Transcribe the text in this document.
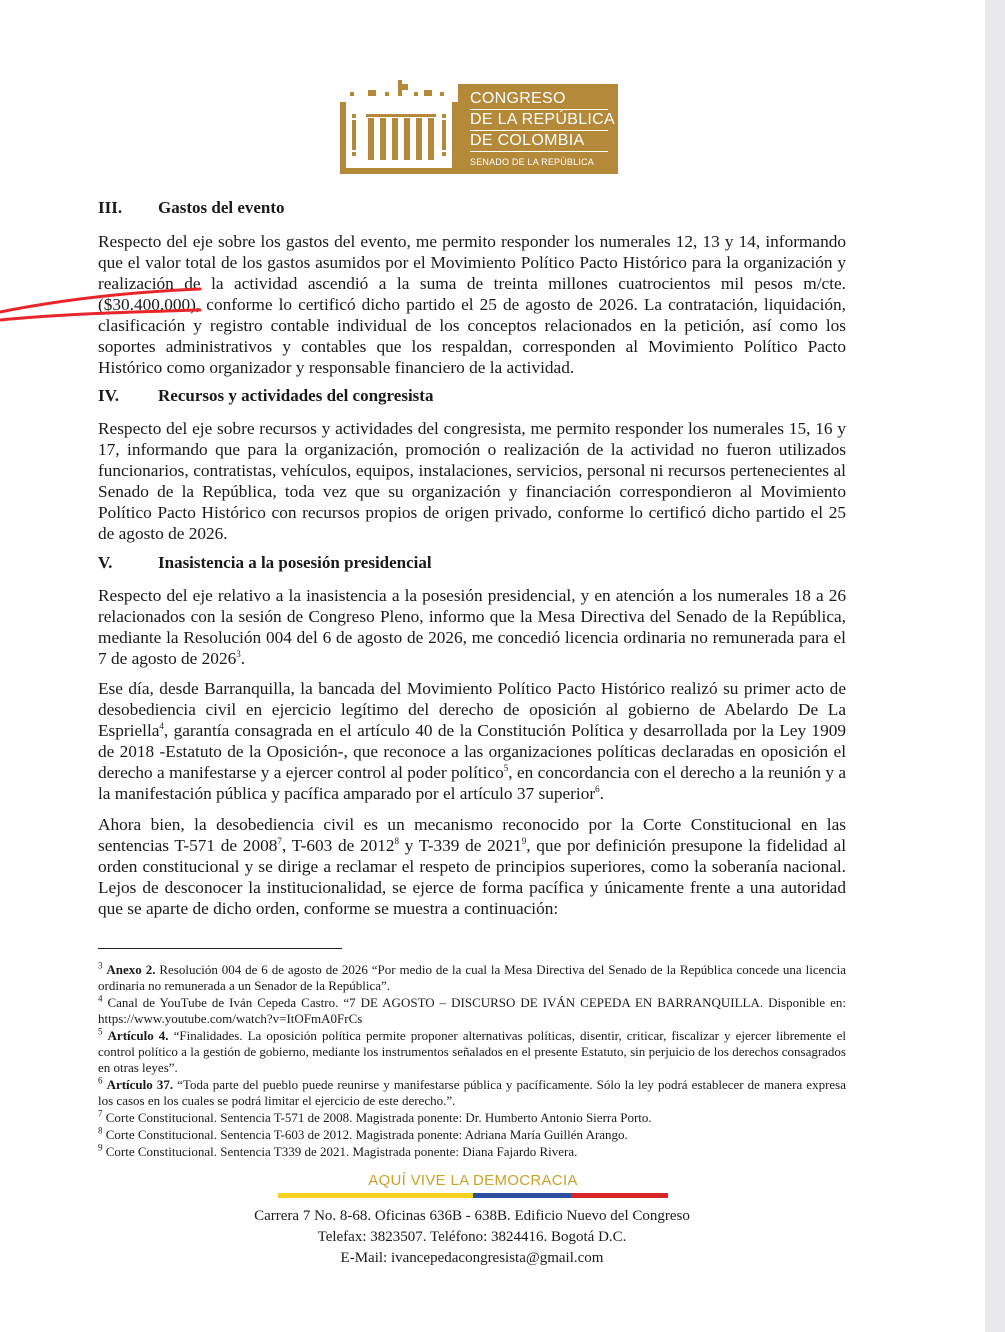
CONGRESO
DE LA REPÚBLICA
DE COLOMBIA
SENADO DE LA REPÚBLICA
III.	Gastos del evento

Respecto del eje sobre los gastos del evento, me permito responder los numerales 12, 13 y 14, informando que el valor total de los gastos asumidos por el Movimiento Político Pacto Histórico para la organización y realización de la actividad ascendió a la suma de treinta millones cuatrocientos mil pesos m/cte. ($30.400.000), conforme lo certificó dicho partido el 25 de agosto de 2026. La contratación, liquidación, clasificación y registro contable individual de los conceptos relacionados en la petición, así como los soportes administrativos y contables que los respaldan, corresponden al Movimiento Político Pacto Histórico como organizador y responsable financiero de la actividad.

IV.	Recursos y actividades del congresista

Respecto del eje sobre recursos y actividades del congresista, me permito responder los numerales 15, 16 y 17, informando que para la organización, promoción o realización de la actividad no fueron utilizados funcionarios, contratistas, vehículos, equipos, instalaciones, servicios, personal ni recursos pertenecientes al Senado de la República, toda vez que su organización y financiación correspondieron al Movimiento Político Pacto Histórico con recursos propios de origen privado, conforme lo certificó dicho partido el 25 de agosto de 2026.

V.	Inasistencia a la posesión presidencial

Respecto del eje relativo a la inasistencia a la posesión presidencial, y en atención a los numerales 18 a 26 relacionados con la sesión de Congreso Pleno, informo que la Mesa Directiva del Senado de la República, mediante la Resolución 004 del 6 de agosto de 2026, me concedió licencia ordinaria no remunerada para el 7 de agosto de 2026$^3$.

Ese día, desde Barranquilla, la bancada del Movimiento Político Pacto Histórico realizó su primer acto de desobediencia civil en ejercicio legítimo del derecho de oposición al gobierno de Abelardo De La Espriella$^4$, garantía consagrada en el artículo 40 de la Constitución Política y desarrollada por la Ley 1909 de 2018 -Estatuto de la Oposición-, que reconoce a las organizaciones políticas declaradas en oposición el derecho a manifestarse y a ejercer control al poder político$^5$, en concordancia con el derecho a la reunión y a la manifestación pública y pacífica amparado por el artículo 37 superior$^6$.

Ahora bien, la desobediencia civil es un mecanismo reconocido por la Corte Constitucional en las sentencias T-571 de 2008$^7$, T-603 de 2012$^8$ y T-339 de 2021$^9$, que por definición presupone la fidelidad al orden constitucional y se dirige a reclamar el respeto de principios superiores, como la soberanía nacional. Lejos de desconocer la institucionalidad, se ejerce de forma pacífica y únicamente frente a una autoridad que se aparte de dicho orden, conforme se muestra a continuación:

$^3$ Anexo 2. Resolución 004 de 6 de agosto de 2026 “Por medio de la cual la Mesa Directiva del Senado de la República concede una licencia ordinaria no remunerada a un Senador de la República”.

$^4$ Canal de YouTube de Iván Cepeda Castro. “7 DE AGOSTO – DISCURSO DE IVÁN CEPEDA EN BARRANQUILLA. Disponible en: https://www.youtube.com/watch?v=ItOFmA0FrCs

$^5$ Artículo 4. “Finalidades. La oposición política permite proponer alternativas políticas, disentir, criticar, fiscalizar y ejercer libremente el control político a la gestión de gobierno, mediante los instrumentos señalados en el presente Estatuto, sin perjuicio de los derechos consagrados en otras leyes”.

$^6$ Artículo 37. “Toda parte del pueblo puede reunirse y manifestarse pública y pacíficamente. Sólo la ley podrá establecer de manera expresa los casos en los cuales se podrá limitar el ejercicio de este derecho.”.

$^7$ Corte Constitucional. Sentencia T-571 de 2008. Magistrada ponente: Dr. Humberto Antonio Sierra Porto.

$^8$ Corte Constitucional. Sentencia T-603 de 2012. Magistrada ponente: Adriana María Guillén Arango.

$^9$ Corte Constitucional. Sentencia T339 de 2021. Magistrada ponente: Diana Fajardo Rivera.

AQUÍ VIVE LA DEMOCRACIA
Carrera 7 No. 8-68. Oficinas 636B - 638B. Edificio Nuevo del Congreso
Telefax: 3823507. Teléfono: 3824416. Bogotá D.C.
E-Mail: ivancepedacongresista@gmail.com
